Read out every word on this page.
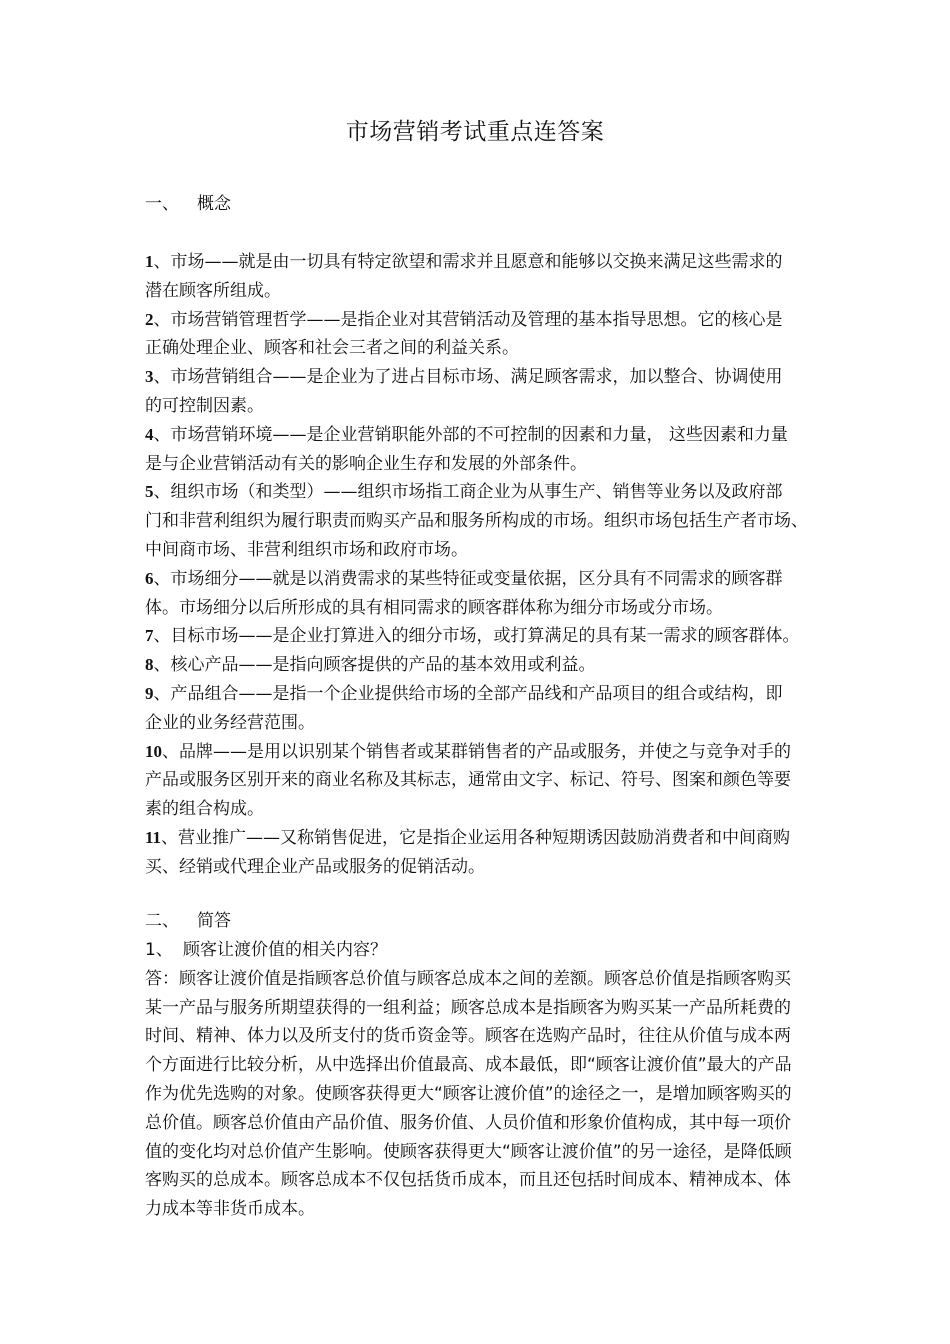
市场营销考试重点连答案
一、 概念
1、市场——就是由一切具有特定欲望和需求并且愿意和能够以交换来满足这些需求的
潜在顾客所组成。
2、市场营销管理哲学——是指企业对其营销活动及管理的基本指导思想。它的核心是
正确处理企业、顾客和社会三者之间的利益关系。
3、市场营销组合——是企业为了进占目标市场、满足顾客需求，加以整合、协调使用
的可控制因素。
4、市场营销环境——是企业营销职能外部的不可控制的因素和力量， 这些因素和力量
是与企业营销活动有关的影响企业生存和发展的外部条件。
5、组织市场（和类型）——组织市场指工商企业为从事生产、销售等业务以及政府部
门和非营利组织为履行职责而购买产品和服务所构成的市场。组织市场包括生产者市场、
中间商市场、非营利组织市场和政府市场。
6、市场细分——就是以消费需求的某些特征或变量依据，区分具有不同需求的顾客群
体。市场细分以后所形成的具有相同需求的顾客群体称为细分市场或分市场。
7、目标市场——是企业打算进入的细分市场，或打算满足的具有某一需求的顾客群体。
8、核心产品——是指向顾客提供的产品的基本效用或利益。
9、产品组合——是指一个企业提供给市场的全部产品线和产品项目的组合或结构，即
企业的业务经营范围。
10、品牌——是用以识别某个销售者或某群销售者的产品或服务，并使之与竞争对手的
产品或服务区别开来的商业名称及其标志，通常由文字、标记、符号、图案和颜色等要
素的组合构成。
11、营业推广——又称销售促进，它是指企业运用各种短期诱因鼓励消费者和中间商购
买、经销或代理企业产品或服务的促销活动。
二、 简答
1、 顾客让渡价值的相关内容？
答：顾客让渡价值是指顾客总价值与顾客总成本之间的差额。顾客总价值是指顾客购买
某一产品与服务所期望获得的一组利益；顾客总成本是指顾客为购买某一产品所耗费的
时间、精神、体力以及所支付的货币资金等。顾客在选购产品时，往往从价值与成本两
个方面进行比较分析，从中选择出价值最高、成本最低，即“顾客让渡价值”最大的产品
作为优先选购的对象。使顾客获得更大“顾客让渡价值”的途径之一，是增加顾客购买的
总价值。顾客总价值由产品价值、服务价值、人员价值和形象价值构成，其中每一项价
值的变化均对总价值产生影响。使顾客获得更大“顾客让渡价值”的另一途径，是降低顾
客购买的总成本。顾客总成本不仅包括货币成本，而且还包括时间成本、精神成本、体
力成本等非货币成本。
